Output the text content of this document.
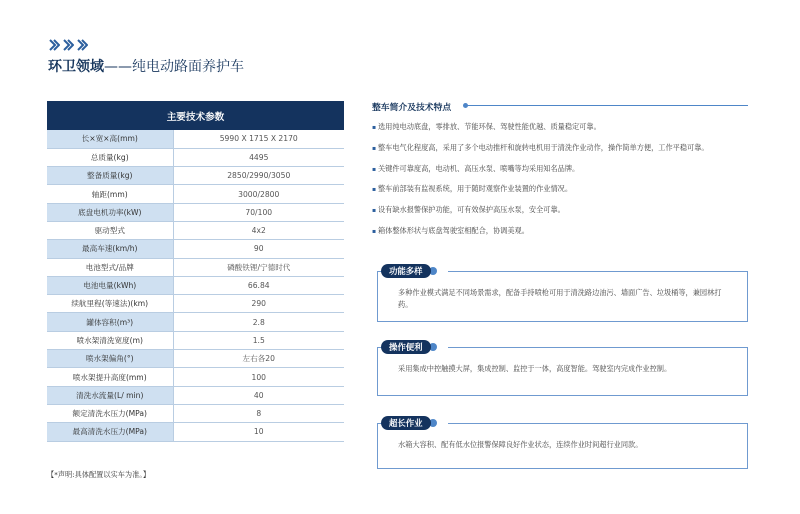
环卫领域——纯电动路面养护车
主要技术参数	
长×宽×高(mm)	5990 X 1715 X 2170
总质量(kg)	4495
整备质量(kg)	2850/2990/3050
轴距(mm)	3000/2800
底盘电机功率(kW)	70/100
驱动型式	4x2
最高车速(km/h)	90
电池型式/品牌	磷酸铁锂/宁德时代
电池电量(kWh)	66.84
续航里程(等速法)(km)	290
罐体容积(m³)	2.8
喷水架清洗宽度(m)	1.5
喷水架偏角(°)	左右各20
喷水架提升高度(mm)	100
清洗水流量(L/ min)	40
额定清洗水压力(MPa)	8
最高清洗水压力(MPa)	10
【*声明:具体配置以实车为准。】
整车简介及技术特点
▪ 选用纯电动底盘，零排放、节能环保、驾驶性能优越、质量稳定可靠。
▪ 整车电气化程度高，采用了多个电动推杆和旋转电机用于清洗作业动作，操作简单方便，工作平稳可靠。
▪ 关键件可靠度高，电动机、高压水泵、喷嘴等均采用知名品牌。
▪ 整车前部装有监视系统，用于随时观察作业装置的作业情况。
▪ 设有缺水报警保护功能，可有效保护高压水泵，安全可靠。
▪ 箱体整体形状与底盘驾驶室相配合，协调美观。
功能多样
多种作业模式满足不同场景需求，配备手持喷枪可用于清洗路边油污、墙面广告、垃圾桶等，兼园林打药。
操作便利
采用集成中控触摸大屏，集成控制、监控于一体，高度智能。驾驶室内完成作业控制。
超长作业
水箱大容积、配有低水位报警保障良好作业状态，连续作业时间超行业同款。
